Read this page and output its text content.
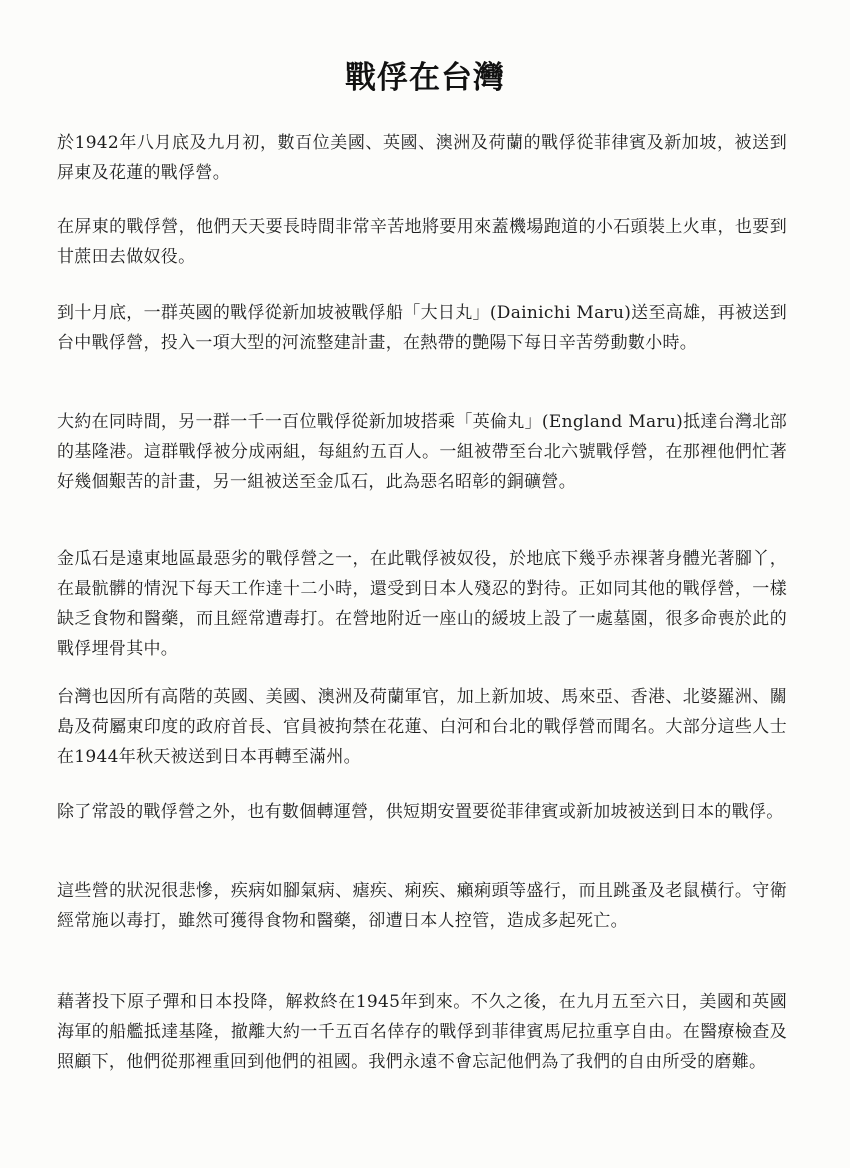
戰俘在台灣

於1942年八月底及九月初，數百位美國、英國、澳洲及荷蘭的戰俘從菲律賓及新加坡，被送到屏東及花蓮的戰俘營。

在屏東的戰俘營，他們天天要長時間非常辛苦地將要用來蓋機場跑道的小石頭裝上火車，也要到甘蔗田去做奴役。

到十月底，一群英國的戰俘從新加坡被戰俘船「大日丸」(Dainichi Maru)送至高雄，再被送到台中戰俘營，投入一項大型的河流整建計畫，在熱帶的艷陽下每日辛苦勞動數小時。

大約在同時間，另一群一千一百位戰俘從新加坡搭乘「英倫丸」(England Maru)抵達台灣北部的基隆港。這群戰俘被分成兩組，每組約五百人。一組被帶至台北六號戰俘營，在那裡他們忙著好幾個艱苦的計畫，另一組被送至金瓜石，此為惡名昭彰的銅礦營。

金瓜石是遠東地區最惡劣的戰俘營之一，在此戰俘被奴役，於地底下幾乎赤裸著身體光著腳丫，在最骯髒的情況下每天工作達十二小時，還受到日本人殘忍的對待。正如同其他的戰俘營，一樣缺乏食物和醫藥，而且經常遭毒打。在營地附近一座山的緩坡上設了一處墓園，很多命喪於此的戰俘埋骨其中。

台灣也因所有高階的英國、美國、澳洲及荷蘭軍官，加上新加坡、馬來亞、香港、北婆羅洲、關島及荷屬東印度的政府首長、官員被拘禁在花蓮、白河和台北的戰俘營而聞名。大部分這些人士在1944年秋天被送到日本再轉至滿州。

除了常設的戰俘營之外，也有數個轉運營，供短期安置要從菲律賓或新加坡被送到日本的戰俘。

這些營的狀況很悲慘，疾病如腳氣病、瘧疾、痢疾、癩痢頭等盛行，而且跳蚤及老鼠橫行。守衛經常施以毒打，雖然可獲得食物和醫藥，卻遭日本人控管，造成多起死亡。

藉著投下原子彈和日本投降，解救終在1945年到來。不久之後，在九月五至六日，美國和英國海軍的船艦抵達基隆，撤離大約一千五百名倖存的戰俘到菲律賓馬尼拉重享自由。在醫療檢查及照顧下，他們從那裡重回到他們的祖國。我們永遠不會忘記他們為了我們的自由所受的磨難。
